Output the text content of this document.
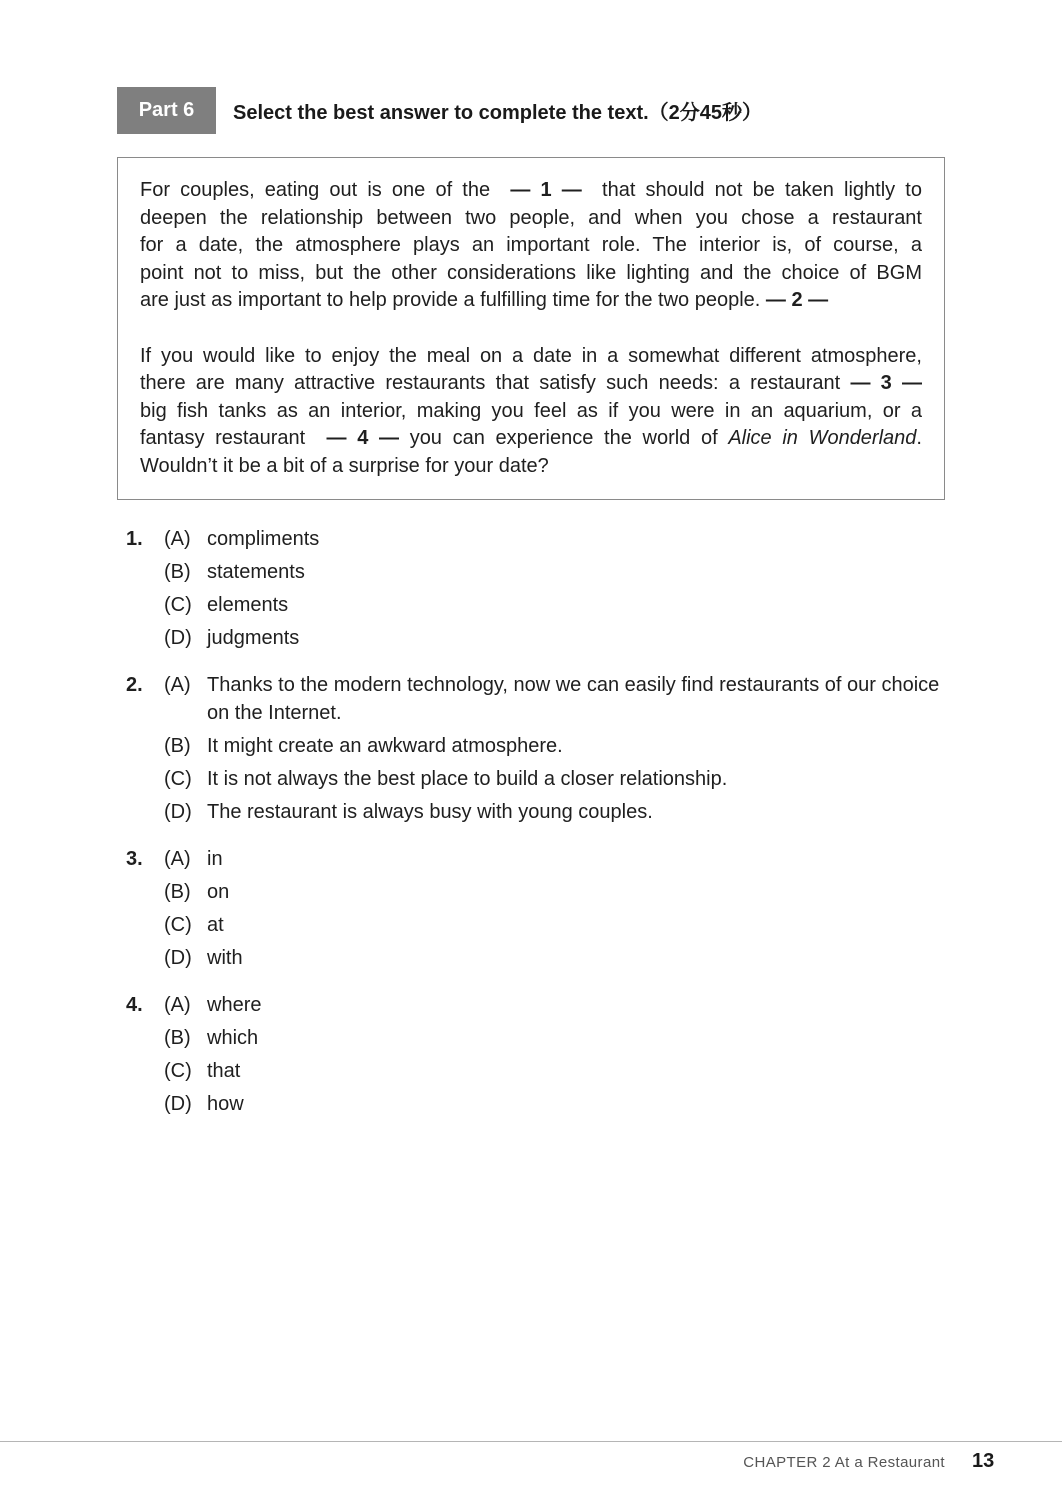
Part 6	Select the best answer to complete the text.（2分45秒）

For couples, eating out is one of the — 1 — that should not be taken lightly to
deepen the relationship between two people, and when you chose a restaurant
for a date, the atmosphere plays an important role. The interior is, of course, a
point not to miss, but the other considerations like lighting and the choice of BGM
are just as important to help provide a fulfilling time for the two people. — 2 —

If you would like to enjoy the meal on a date in a somewhat different atmosphere,
there are many attractive restaurants that satisfy such needs: a restaurant — 3 —
big fish tanks as an interior, making you feel as if you were in an aquarium, or a
fantasy restaurant — 4 — you can experience the world of Alice in Wonderland.
Wouldn’t it be a bit of a surprise for your date?

1. (A) compliments
(B) statements
(C) elements
(D) judgments
2. (A) Thanks to the modern technology, now we can easily find restaurants of our choice on the Internet.
(B) It might create an awkward atmosphere.
(C) It is not always the best place to build a closer relationship.
(D) The restaurant is always busy with young couples.
3. (A) in
(B) on
(C) at
(D) with
4. (A) where
(B) which
(C) that
(D) how
CHAPTER 2 At a Restaurant 13
